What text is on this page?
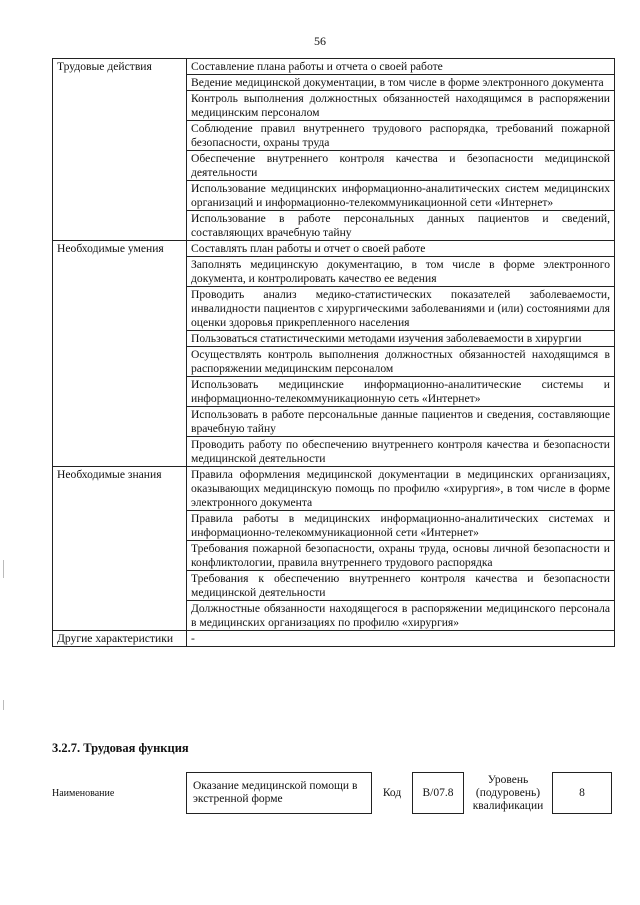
56
Трудовые действия	Составление плана работы и отчета о своей работе
	Ведение медицинской документации, в том числе в форме электронного документа
	Контроль выполнения должностных обязанностей находящимся в распоряжении медицинским персоналом
	Соблюдение правил внутреннего трудового распорядка, требований пожарной безопасности, охраны труда
	Обеспечение внутреннего контроля качества и безопасности медицинской деятельности
	Использование медицинских информационно-аналитических систем медицинских организаций и информационно-телекоммуникационной сети «Интернет»
	Использование в работе персональных данных пациентов и сведений, составляющих врачебную тайну
Необходимые умения	Составлять план работы и отчет о своей работе
	Заполнять медицинскую документацию, в том числе в форме электронного документа, и контролировать качество ее ведения
	Проводить анализ медико-статистических показателей заболеваемости, инвалидности пациентов с хирургическими заболеваниями и (или) состояниями для оценки здоровья прикрепленного населения
	Пользоваться статистическими методами изучения заболеваемости в хирургии
	Осуществлять контроль выполнения должностных обязанностей находящимся в распоряжении медицинским персоналом
	Использовать медицинские информационно-аналитические системы и информационно-телекоммуникационную сеть «Интернет»
	Использовать в работе персональные данные пациентов и сведения, составляющие врачебную тайну
	Проводить работу по обеспечению внутреннего контроля качества и безопасности медицинской деятельности
Необходимые знания	Правила оформления медицинской документации в медицинских организациях, оказывающих медицинскую помощь по профилю «хирургия», в том числе в форме электронного документа
	Правила работы в медицинских информационно-аналитических системах и информационно-телекоммуникационной сети «Интернет»
	Требования пожарной безопасности, охраны труда, основы личной безопасности и конфликтологии, правила внутреннего трудового распорядка
	Требования к обеспечению внутреннего контроля качества и безопасности медицинской деятельности
	Должностные обязанности находящегося в распоряжении медицинского персонала в медицинских организациях по профилю «хирургия»
Другие характеристики	-
3.2.7. Трудовая функция
Наименование
Оказание медицинской помощи в экстренной форме	Код	B/07.8	Уровень (подуровень) квалификации	8
